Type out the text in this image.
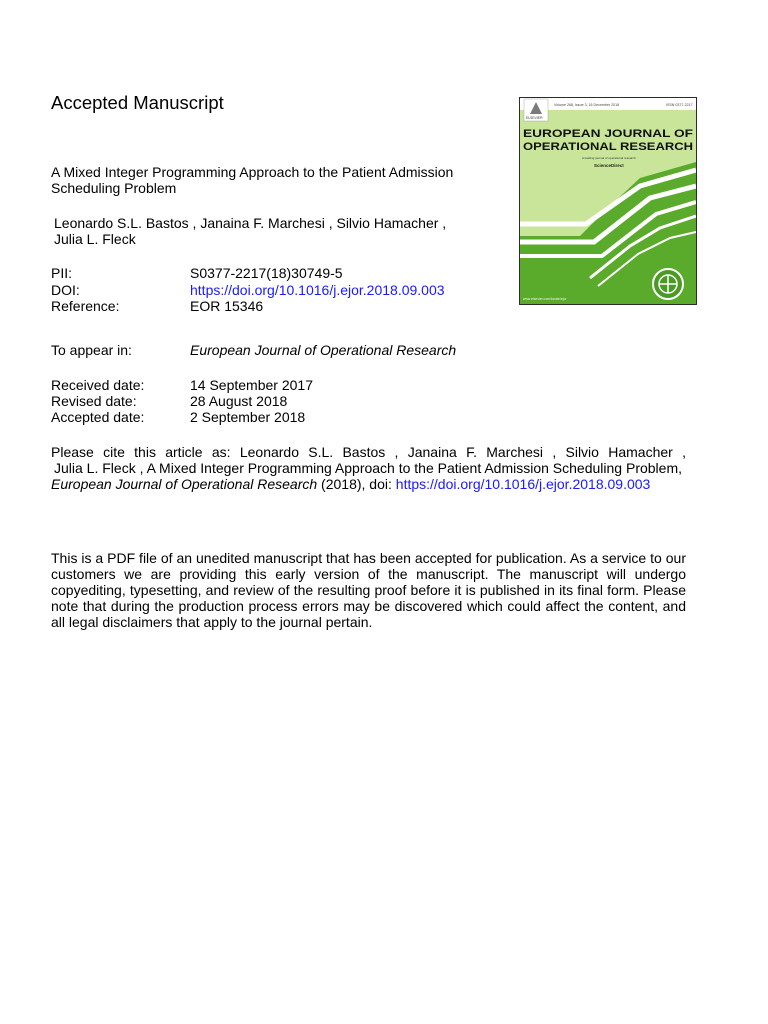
Accepted Manuscript
A Mixed Integer Programming Approach to the Patient Admission Scheduling Problem
Leonardo S.L. Bastos , Janaina F. Marchesi , Silvio Hamacher ,
Julia L. Fleck
PII:	S0377-2217(18)30749-5
DOI:	https://doi.org/10.1016/j.ejor.2018.09.003
Reference:	EOR 15346
To appear in:	European Journal of Operational Research
Received date:	14 September 2017
Revised date:	28 August 2018
Accepted date:	2 September 2018

Please cite this article as: Leonardo S.L. Bastos , Janaina F. Marchesi , Silvio Hamacher ,

Julia L. Fleck , A Mixed Integer Programming Approach to the Patient Admission Scheduling Problem,

European Journal of Operational Research (2018), doi: https://doi.org/10.1016/j.ejor.2018.09.003

This is a PDF file of an unedited manuscript that has been accepted for publication. As a service to our customers we are providing this early version of the manuscript. The manuscript will undergo copyediting, typesetting, and review of the resulting proof before it is published in its final form. Please note that during the production process errors may be discovered which could affect the content, and all legal disclaimers that apply to the journal pertain.

Volume 268, Issue 3, 16 December 2018	ISSN 0377-2217
ELSEVIER
EUROPEAN JOURNAL OF
OPERATIONAL RESEARCH
A leading journal of operational research
ScienceDirect
www.elsevier.com/locate/ejor
